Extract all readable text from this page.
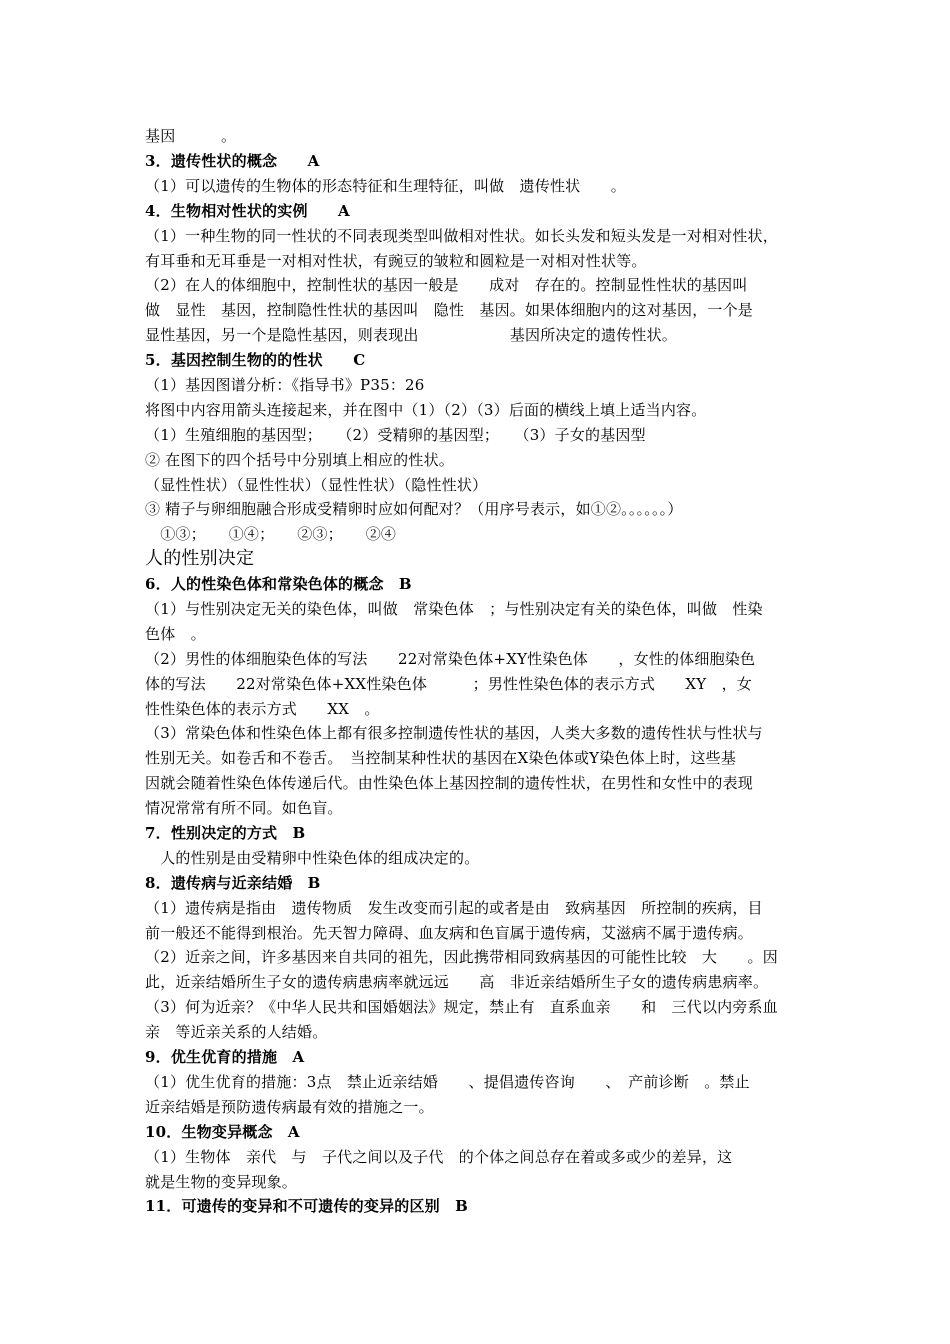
基因　　　。
3．遗传性状的概念　　A
（1）可以遗传的生物体的形态特征和生理特征，叫做　遗传性状　　。
4．生物相对性状的实例　　A
（1）一种生物的同一性状的不同表现类型叫做相对性状。如长头发和短头发是一对相对性状，
有耳垂和无耳垂是一对相对性状，有豌豆的皱粒和圆粒是一对相对性状等。
（2）在人的体细胞中，控制性状的基因一般是　　成对　存在的。控制显性性状的基因叫
做　显性　基因，控制隐性性状的基因叫　隐性　基因。如果体细胞内的这对基因，一个是
显性基因，另一个是隐性基因，则表现出　　　　　　基因所决定的遗传性状。
5．基因控制生物的的性状　　C
（1）基因图谱分析：《指导书》P35：26
将图中内容用箭头连接起来，并在图中（1）（2）（3）后面的横线上填上适当内容。
（1）生殖细胞的基因型；　　（2）受精卵的基因型；　　（3）子女的基因型
② 在图下的四个括号中分别填上相应的性状。
（显性性状）（显性性状）（显性性状）（隐性性状）
③ 精子与卵细胞融合形成受精卵时应如何配对？（用序号表示，如①②。。。。。。）
　①③；　　①④；　　②③；　　②④
人的性别决定
6．人的性染色体和常染色体的概念　B
（1）与性别决定无关的染色体，叫做　常染色体　；与性别决定有关的染色体，叫做　性染
色体　。
（2）男性的体细胞染色体的写法　　22对常染色体+XY性染色体　　，女性的体细胞染色
体的写法　　22对常染色体+XX性染色体　　　；男性性染色体的表示方式　　XY　，女
性性染色体的表示方式　　XX　。
（3）常染色体和性染色体上都有很多控制遗传性状的基因，人类大多数的遗传性状与性状与
性别无关。如卷舌和不卷舌。　当控制某种性状的基因在X染色体或Y染色体上时，这些基
因就会随着性染色体传递后代。由性染色体上基因控制的遗传性状，在男性和女性中的表现
情况常常有所不同。如色盲。
7．性别决定的方式　B
　人的性别是由受精卵中性染色体的组成决定的。
8．遗传病与近亲结婚　B
（1）遗传病是指由　遗传物质　发生改变而引起的或者是由　致病基因　所控制的疾病，目
前一般还不能得到根治。先天智力障碍、血友病和色盲属于遗传病，艾滋病不属于遗传病。
（2）近亲之间，许多基因来自共同的祖先，因此携带相同致病基因的可能性比较　大　　。因
此，近亲结婚所生子女的遗传病患病率就远远　　高　非近亲结婚所生子女的遗传病患病率。
（3）何为近亲？《中华人民共和国婚姻法》规定，禁止有　直系血亲　　和　三代以内旁系血
亲　等近亲关系的人结婚。
9．优生优育的措施　A
（1）优生优育的措施：3点　禁止近亲结婚　　、提倡遗传咨询　　、　产前诊断　。禁止
近亲结婚是预防遗传病最有效的措施之一。
10．生物变异概念　A
（1）生物体　亲代　与　子代之间以及子代　的个体之间总存在着或多或少的差异，这
就是生物的变异现象。
11．可遗传的变异和不可遗传的变异的区别　B
